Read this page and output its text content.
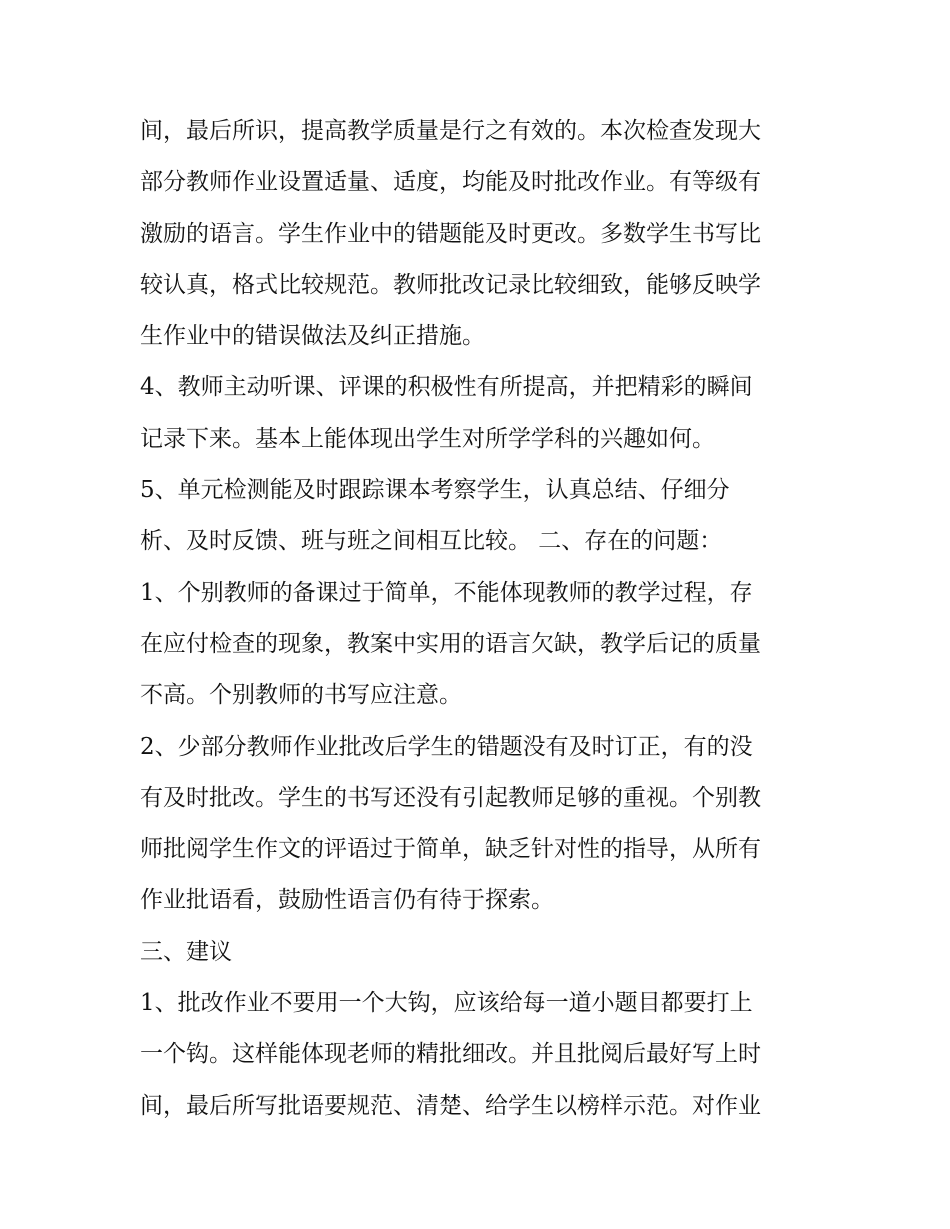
间，最后所识，提高教学质量是行之有效的。本次检查发现大
部分教师作业设置适量、适度，均能及时批改作业。有等级有
激励的语言。学生作业中的错题能及时更改。多数学生书写比
较认真，格式比较规范。教师批改记录比较细致，能够反映学
生作业中的错误做法及纠正措施。
4、教师主动听课、评课的积极性有所提高，并把精彩的瞬间
记录下来。基本上能体现出学生对所学学科的兴趣如何。
5、单元检测能及时跟踪课本考察学生，认真总结、仔细分
析、及时反馈、班与班之间相互比较。 二、存在的问题：
1、个别教师的备课过于简单，不能体现教师的教学过程，存
在应付检查的现象，教案中实用的语言欠缺，教学后记的质量
不高。个别教师的书写应注意。
2、少部分教师作业批改后学生的错题没有及时订正，有的没
有及时批改。学生的书写还没有引起教师足够的重视。个别教
师批阅学生作文的评语过于简单，缺乏针对性的指导，从所有
作业批语看，鼓励性语言仍有待于探索。
三、建议
1、批改作业不要用一个大钩，应该给每一道小题目都要打上
一个钩。这样能体现老师的精批细改。并且批阅后最好写上时
间，最后所写批语要规范、清楚、给学生以榜样示范。对作业
